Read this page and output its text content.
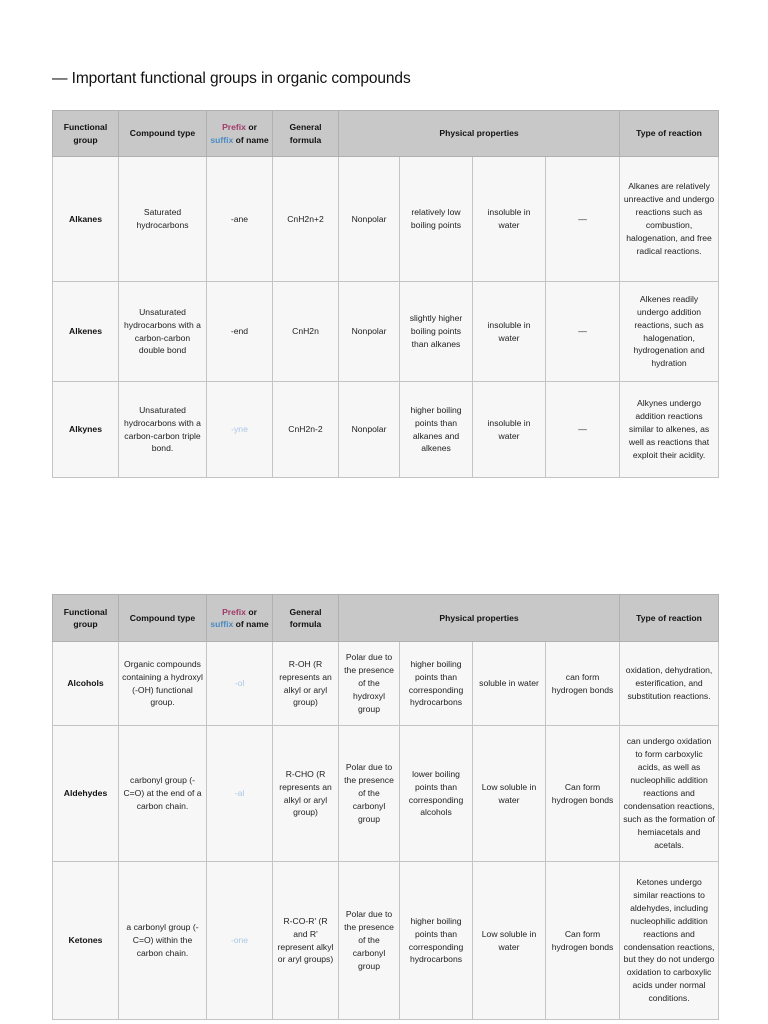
— Important functional groups in organic compounds
Functional group	Compound type	Prefix or suffix of name	General formula	Physical properties				Type of reaction
Alkanes	Saturated hydrocarbons	-ane	CnH2n+2	Nonpolar	relatively low boiling points	insoluble in water	—	Alkanes are relatively unreactive and undergo reactions such as combustion, halogenation, and free radical reactions.
Alkenes	Unsaturated hydrocarbons with a carbon-carbon double bond	-end	CnH2n	Nonpolar	slightly higher boiling points than alkanes	insoluble in water	—	Alkenes readily undergo addition reactions, such as halogenation, hydrogenation and hydration
Alkynes	Unsaturated hydrocarbons with a carbon-carbon triple bond.	-yne	CnH2n-2	Nonpolar	higher boiling points than alkanes and alkenes	insoluble in water	—	Alkynes undergo addition reactions similar to alkenes, as well as reactions that exploit their acidity.
Functional group	Compound type	Prefix or suffix of name	General formula	Physical properties				Type of reaction
Alcohols	Organic compounds containing a hydroxyl (-OH) functional group.	-ol	R-OH (R represents an alkyl or aryl group)	Polar due to the presence of the hydroxyl group	higher boiling points than corresponding hydrocarbons	soluble in water	can form hydrogen bonds	oxidation, dehydration, esterification, and substitution reactions.
Aldehydes	carbonyl group (-C=O) at the end of a carbon chain.	-al	R-CHO (R represents an alkyl or aryl group)	Polar due to the presence of the carbonyl group	lower boiling points than corresponding alcohols	Low soluble in water	Can form hydrogen bonds	can undergo oxidation to form carboxylic acids, as well as nucleophilic addition reactions and condensation reactions, such as the formation of hemiacetals and acetals.
Ketones	a carbonyl group (-C=O) within the carbon chain.	-one	R-CO-R' (R and R' represent alkyl or aryl groups)	Polar due to the presence of the carbonyl group	higher boiling points than corresponding hydrocarbons	Low soluble in water	Can form hydrogen bonds	Ketones undergo similar reactions to aldehydes, including nucleophilic addition reactions and condensation reactions, but they do not undergo oxidation to carboxylic acids under normal conditions.
